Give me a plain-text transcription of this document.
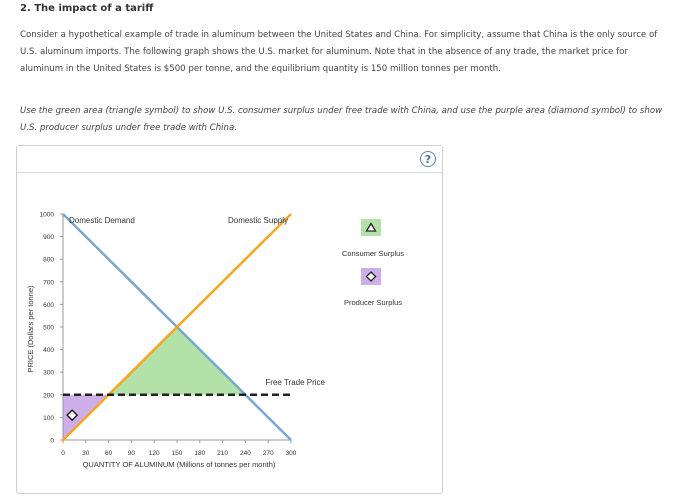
2. The impact of a tariff
Consider a hypothetical example of trade in aluminum between the United States and China. For simplicity, assume that China is the only source of
U.S. aluminum imports. The following graph shows the U.S. market for aluminum. Note that in the absence of any trade, the market price for
aluminum in the United States is $500 per tonne, and the equilibrium quantity is 150 million tonnes per month.
Use the green area (triangle symbol) to show U.S. consumer surplus under free trade with China, and use the purple area (diamond symbol) to show
U.S. producer surplus under free trade with China.
?
0
100
200
300
400
500
600
700
800
900
1000
0	30 60 90 120 150 180 210 240 270 300
QUANTITY OF ALUMINUM (Millions of tonnes per month)
PRICE (Dollars per tonne)
Domestic Demand	Domestic Supply
Free Trade Price
Consumer Surplus
Producer Surplus
